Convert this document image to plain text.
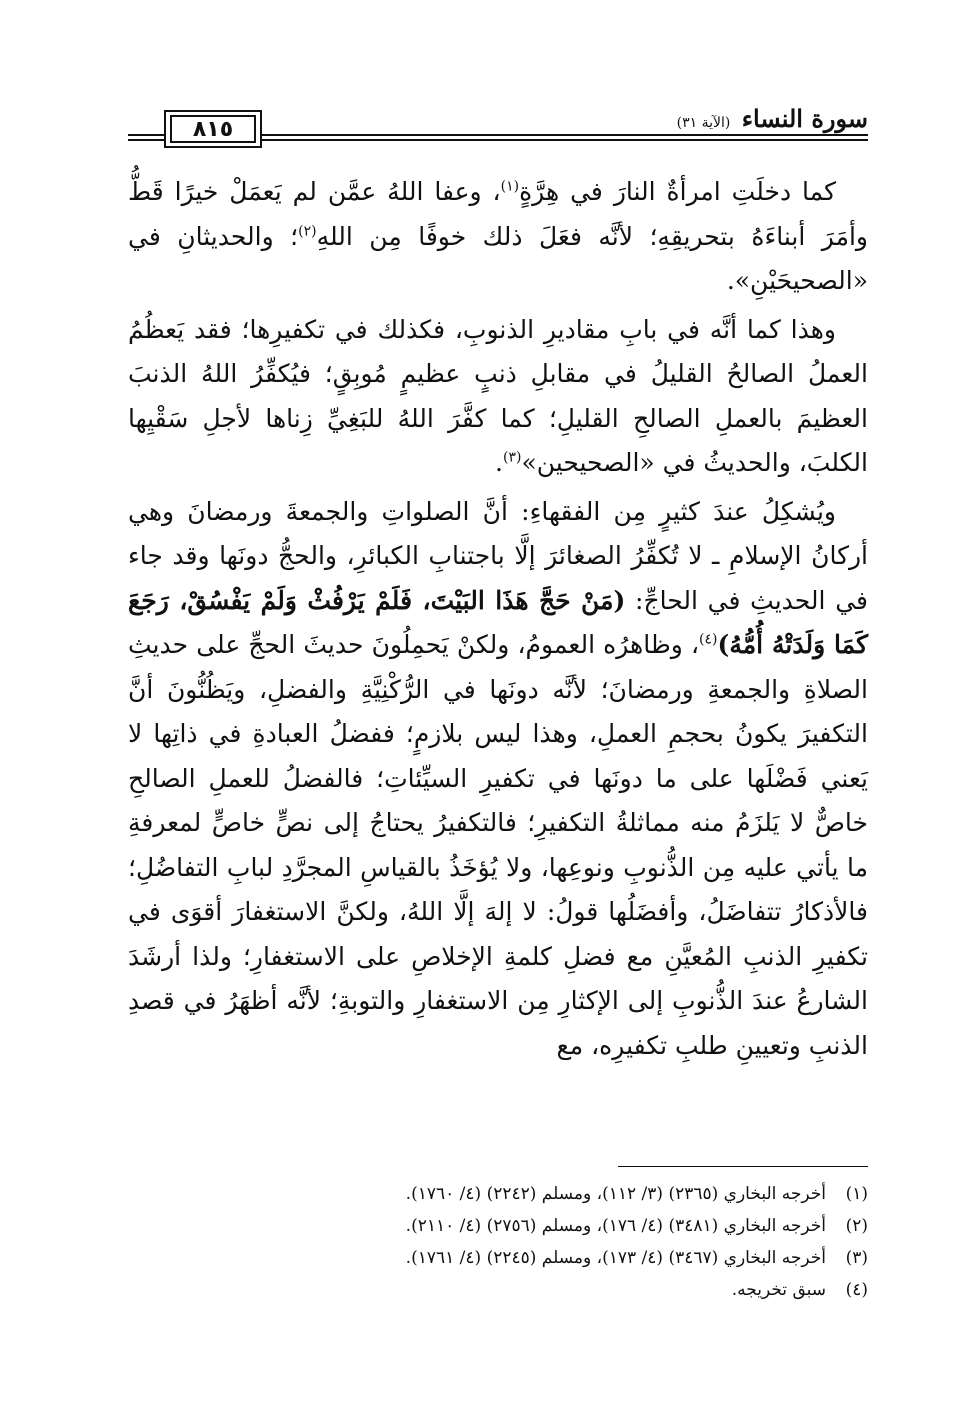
٨١٥	سورة النساء (الآية ٣١)

كما دخلَتِ امرأةٌ النارَ في هِرَّةٍ$^{(١)}$، وعفا اللهُ عمَّن لم يَعمَلْ خيرًا قَطُّ وأمَرَ أبناءَهُ بتحريقِهِ؛ لأنَّه فعَلَ ذلك خوفًا مِن اللهِ$^{(٢)}$؛ والحديثانِ في «الصحيحَيْنِ».

وهذا كما أنَّه في بابِ مقاديرِ الذنوبِ، فكذلك في تكفيرِها؛ فقد يَعظُمُ العملُ الصالحُ القليلُ في مقابلِ ذنبٍ عظيمٍ مُوبِقٍ؛ فيُكفِّرُ اللهُ الذنبَ العظيمَ بالعملِ الصالحِ القليلِ؛ كما كفَّرَ اللهُ للبَغِيِّ زِناها لأجلِ سَقْيِها الكلبَ، والحديثُ في «الصحيحين»$^{(٣)}$.

ويُشكِلُ عندَ كثيرٍ مِن الفقهاءِ: أنَّ الصلواتِ والجمعةَ ورمضانَ وهي أركانُ الإسلامِ ـ لا تُكفِّرُ الصغائرَ إلَّا باجتنابِ الكبائرِ، والحجُّ دونَها وقد جاء في الحديثِ في الحاجِّ: (مَنْ حَجَّ هَذَا البَيْتَ، فَلَمْ يَرْفُثْ وَلَمْ يَفْسُقْ، رَجَعَ كَمَا وَلَدَتْهُ أُمُّهُ)$^{(٤)}$، وظاهرُه العمومُ، ولكنْ يَحمِلُونَ حديثَ الحجِّ على حديثِ الصلاةِ والجمعةِ ورمضانَ؛ لأنَّه دونَها في الرُّكْنِيَّةِ والفضلِ، ويَظُنُّونَ أنَّ التكفيرَ يكونُ بحجمِ العملِ، وهذا ليس بلازمٍ؛ ففضلُ العبادةِ في ذاتِها لا يَعني فَضْلَها على ما دونَها في تكفيرِ السيِّئاتِ؛ فالفضلُ للعملِ الصالحِ خاصٌّ لا يَلزَمُ منه مماثلةُ التكفيرِ؛ فالتكفيرُ يحتاجُ إلى نصٍّ خاصٍّ لمعرفةِ ما يأتي عليه مِن الذُّنوبِ ونوعِها، ولا يُؤخَذُ بالقياسِ المجرَّدِ لبابِ التفاضُلِ؛ فالأذكارُ تتفاضَلُ، وأفضَلُها قولُ: لا إلهَ إلَّا اللهُ، ولكنَّ الاستغفارَ أقوَى في تكفيرِ الذنبِ المُعيَّنِ مع فضلِ كلمةِ الإخلاصِ على الاستغفارِ؛ ولذا أرشَدَ الشارعُ عندَ الذُّنوبِ إلى الإكثارِ مِن الاستغفارِ والتوبةِ؛ لأنَّه أظهَرُ في قصدِ الذنبِ وتعيينِ طلبِ تكفيرِه، مع

(١)
أخرجه البخاري (٢٣٦٥) (٣/ ١١٢)، ومسلم (٢٢٤٢) (٤/ ١٧٦٠).
(٢)
أخرجه البخاري (٣٤٨١) (٤/ ١٧٦)، ومسلم (٢٧٥٦) (٤/ ٢١١٠).
(٣)
أخرجه البخاري (٣٤٦٧) (٤/ ١٧٣)، ومسلم (٢٢٤٥) (٤/ ١٧٦١).
(٤)
سبق تخريجه.
